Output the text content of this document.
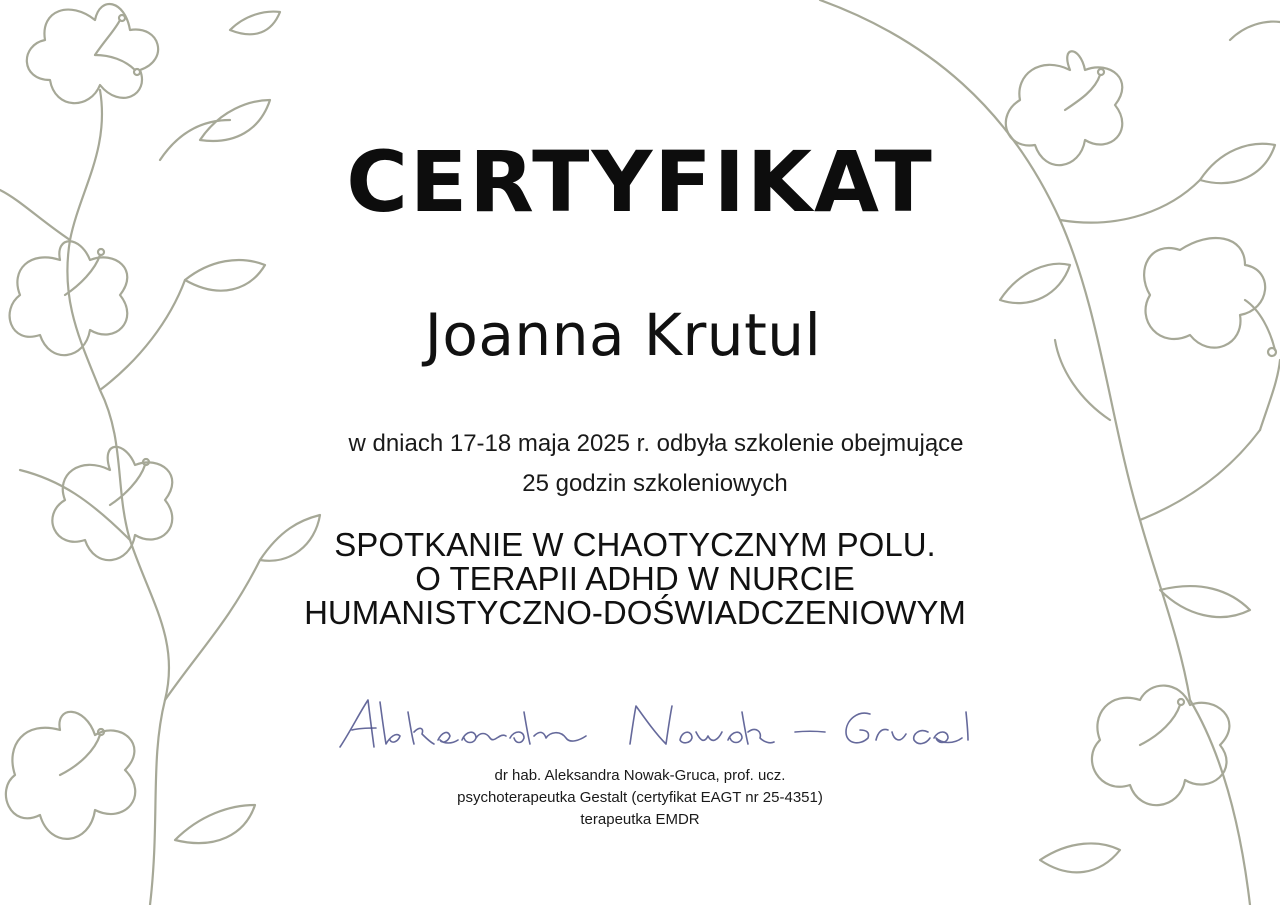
CERTYFIKAT
Joanna Krutul
w dniach 17-18 maja 2025 r. odbyła szkolenie obejmujące
25 godzin szkoleniowych
SPOTKANIE W CHAOTYCZNYM POLU.
O TERAPII ADHD W NURCIE
HUMANISTYCZNO-DOŚWIADCZENIOWYM
dr hab. Aleksandra Nowak-Gruca, prof. ucz.
psychoterapeutka Gestalt (certyfikat EAGT nr 25-4351)
terapeutka EMDR
